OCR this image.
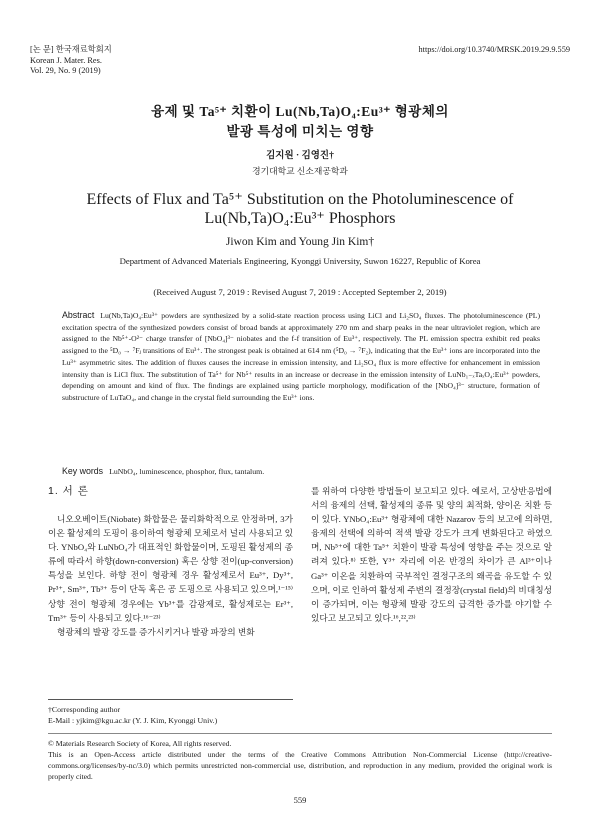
[논 문] 한국재료학회지
Korean J. Mater. Res.
Vol. 29, No. 9 (2019)
https://doi.org/10.3740/MRSK.2019.29.9.559
융제 및 Ta⁵⁺ 치환이 Lu(Nb,Ta)O₄:Eu³⁺ 형광체의
발광 특성에 미치는 영향
김지원 · 김영진†
경기대학교 신소재공학과
Effects of Flux and Ta⁵⁺ Substitution on the Photoluminescence of
Lu(Nb,Ta)O₄:Eu³⁺ Phosphors
Jiwon Kim and Young Jin Kim†
Department of Advanced Materials Engineering, Kyonggi University, Suwon 16227, Republic of Korea
(Received August 7, 2019 : Revised August 7, 2019 : Accepted September 2, 2019)
Abstract Lu(Nb,Ta)O₄:Eu³⁺ powders are synthesized by a solid-state reaction process using LiCl and Li₂SO₄ fluxes. The photoluminescence (PL) excitation spectra of the synthesized powders consist of broad bands at approximately 270 nm and sharp peaks in the near ultraviolet region, which are assigned to the Nb⁵⁺-O²⁻ charge transfer of [NbO₄]³⁻ niobates and the f-f transition of Eu³⁺, respectively. The PL emission spectra exhibit red peaks assigned to the ⁵D₀ → ⁷Fⱼ transitions of Eu³⁺. The strongest peak is obtained at 614 nm (⁵D₀ → ⁷F₂), indicating that the Eu³⁺ ions are incorporated into the Lu³⁺ asymmetric sites. The addition of fluxes causes the increase in emission intensity, and Li₂SO₄ flux is more effective for enhancement in emission intensity than is LiCl flux. The substitution of Ta⁵⁺ for Nb⁵⁺ results in an increase or decrease in the emission intensity of LuNb₁₋ₓTaₓO₄:Eu³⁺ powders, depending on amount and kind of flux. The findings are explained using particle morphology, modification of the [NbO₄]³⁻ structure, formation of substructure of LuTaO₄, and change in the crystal field surrounding the Eu³⁺ ions.
Key words LuNbO₄, luminescence, phosphor, flux, tantalum.
1. 서 론

니오오베이트(Niobate) 화합물은 물리화학적으로 안정하며, 3가 이온 활성제의 도핑이 용이하여 형광체 모체로서 널리 사용되고 있다. YNbO₄와 LuNbO₄가 대표적인 화합물이며, 도핑된 활성제의 종류에 따라서 하향(down-conversion) 혹은 상향 전이(up-conversion) 특성을 보인다. 하향 전이 형광체 경우 활성제로서 Eu³⁺, Dy³⁺, Pr³⁺, Sm³⁺, Tb³⁺ 등이 단독 혹은 공 도핑으로 사용되고 있으며,¹⁻¹⁵⁾ 상향 전이 형광체 경우에는 Yb³⁺를 감광제로, 활성제로는 Er³⁺, Tm³⁺ 등이 사용되고 있다.¹⁶⁻²³⁾

형광체의 발광 강도를 증가시키거나 발광 파장의 변화

를 위하여 다양한 방법들이 보고되고 있다. 예로서, 고상반응법에서의 융제의 선택, 활성제의 종류 및 양의 최적화, 양이온 치환 등이 있다. YNbO₄:Eu³⁺ 형광체에 대한 Nazarov 등의 보고에 의하면, 융제의 선택에 의하여 적색 발광 강도가 크게 변화된다고 하였으며, Nb⁵⁺에 대한 Ta⁵⁺ 치환이 발광 특성에 영향을 주는 것으로 알려져 있다.⁸⁾ 또한, Y³⁺ 자리에 이온 반경의 차이가 큰 Al³⁺이나 Ga³⁺ 이온을 치환하여 국부적인 결정구조의 왜곡을 유도할 수 있으며, 이로 인하여 활성제 주변의 결정장(crystal field)의 비대칭성이 증가되며, 이는 형광체 발광 강도의 급격한 증가를 야기할 수 있다고 보고되고 있다.¹⁶,²²,²³⁾

†Corresponding author
E-Mail : yjkim@kgu.ac.kr (Y. J. Kim, Kyonggi Univ.)
© Materials Research Society of Korea, All rights reserved.
This is an Open-Access article distributed under the terms of the Creative Commons Attribution Non-Commercial License (http://creative-commons.org/licenses/by-nc/3.0) which permits unrestricted non-commercial use, distribution, and reproduction in any medium, provided the original work is properly cited.
559
